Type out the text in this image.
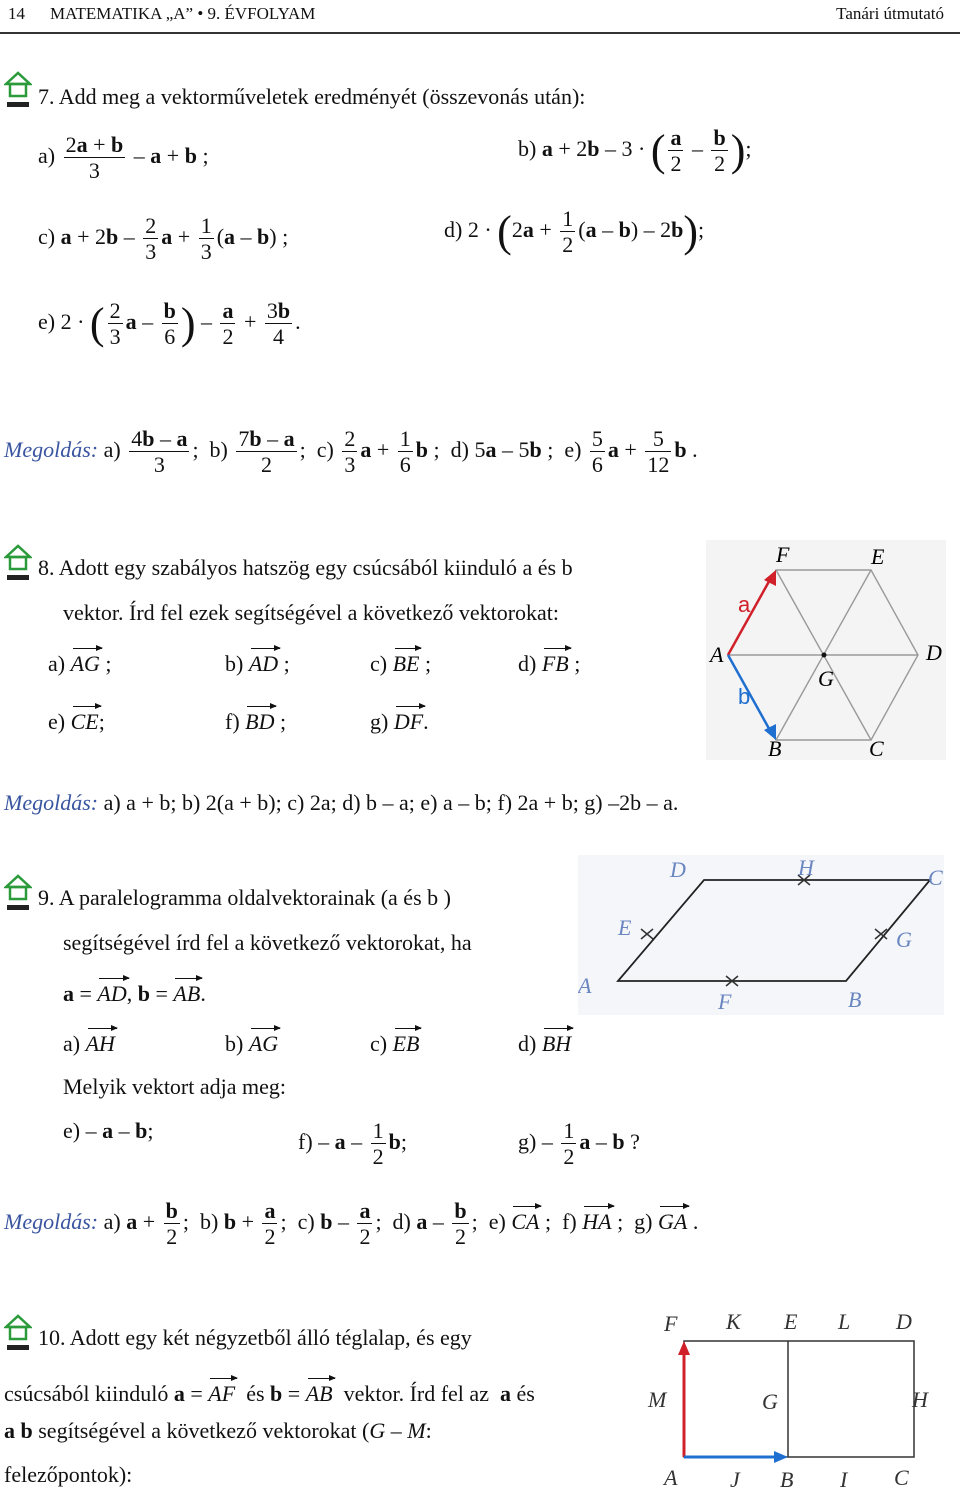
14 MATEMATIKA „A” • 9. ÉVFOLYAM	Tanári útmutató
7. Add meg a vektorműveletek eredményét (összevonás után):
$a) \frac{2a + b}{3} - a + b$ ;	b) a + 2b – 3 · ( $\frac{a}{2} - \frac{b}{2}$ );
c) $a + 2b - \frac{2}{3}$ $a + \frac{1}{3} (a - b)$ ;	d) $2 \cdot (2a + \frac{1}{2} (a - b) - 2b)$;
e) 2 · ( $\frac{2}{3}$ a – $\frac{b}{6}$ ) – $\frac{a}{2} + \frac{3b}{4}$ .
Megoldás: $a) \frac{4b - a}{3}$ ;  $b) \frac{7b - a}{2}$ ;  $c) \frac{2}{3}$ $a + \frac{1}{6}$ b ;  d) 5a – 5b ;  $e) \frac{5}{6}$ $a + \frac{5}{12}$ b .
8. Adott egy szabályos hatszög egy csúcsából kiinduló a és b
vektor. Írd fel ezek segítségével a következő vektorokat:
a) AG ;	b) AD ;	c) BE ;	d) FB ;
e) CE;	f) BD ;	g) DF.
Megoldás: a) a + b; b) 2(a + b); c) 2a; d) b – a; e) a – b; f) 2a + b; g) –2b – a.
F	E
A	D
G
B	C
a
b
9. A paralelogramma oldalvektorainak (a és b )
segítségével írd fel a következő vektorokat, ha
a = AD, b = AB.
a) AH	b) AG	c) EB	d) BH
Melyik vektort adja meg:
e) – a – b;	f) – a – $\frac{1}{2} b$;	$g) - \frac{1}{2}$ a – b ?
Megoldás: a) $a + \frac{b}{2}$ ;  b) $b + \frac{a}{2}$ ;  c) b – $\frac{a}{2}$ ;  d) a – $\frac{b}{2}$ ;  e) CA ;  f) HA ;  g) GA .
D	H	C
E	G
A
F	B
10. Adott egy két négyzetből álló téglalap, és egy
csúcsából kiinduló a = AF  és b = AB  vektor. Írd fel az  a és
a b segítségével a következő vektorokat (G – M:
felezőpontok):
F K E L D
M	G	H
A J B I C
